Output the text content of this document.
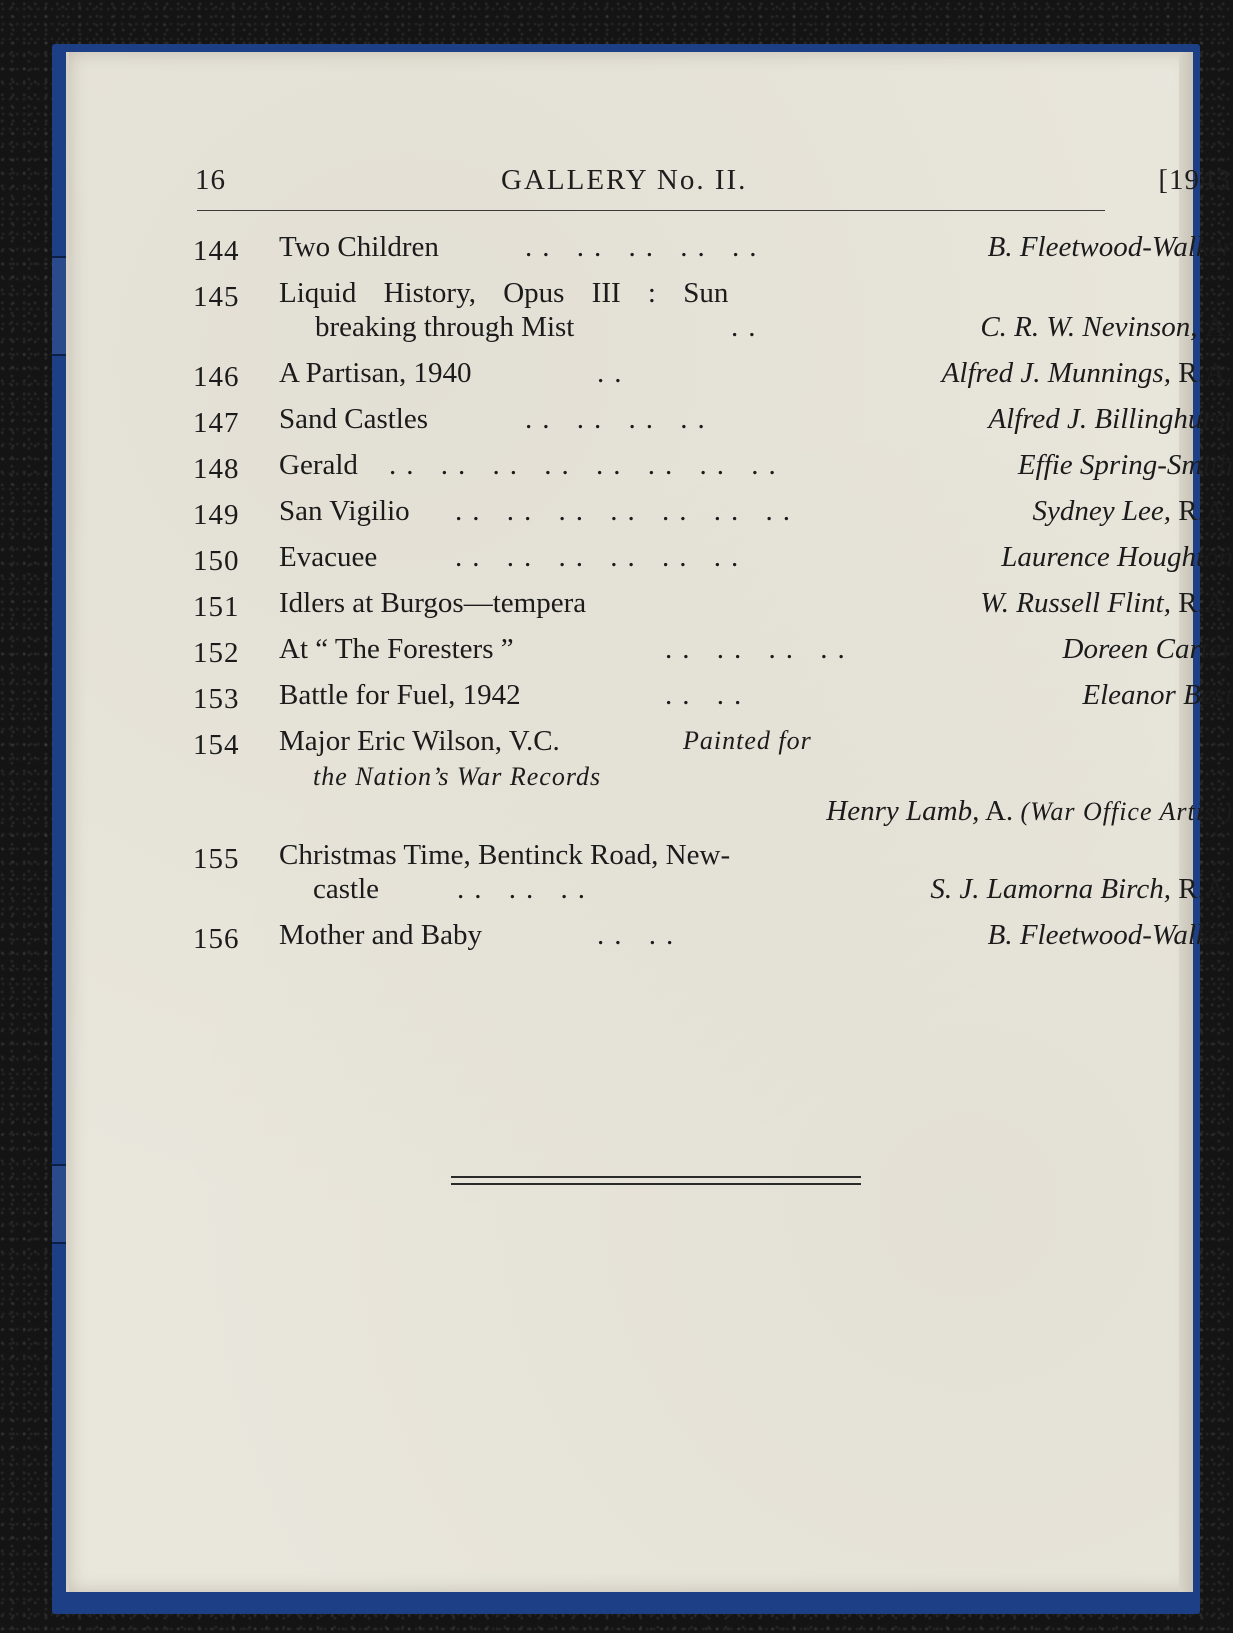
16	GALLERY No. II.	[1943
144	Two Children	.. .. .. .. ..	B. Fleetwood-Walker
145	Liquid History, Opus III : Sun
breaking through Mist	..	C. R. W. Nevinson, A.
146	A Partisan, 1940	..	Alfred J. Munnings, R.A.
147	Sand Castles	.. .. .. ..	Alfred J. Billinghurst
148	Gerald .. .. .. .. .. .. .. ..	Effie Spring-Smith
149	San Vigilio .. .. .. .. .. .. ..	Sydney Lee, R.A.
150	Evacuee	.. .. .. .. .. ..	Laurence Houghton
151	Idlers at Burgos—tempera	W. Russell Flint, R.A.
152	At “ The Foresters ”	.. .. .. ..	Doreen Carter
153	Battle for Fuel, 1942	.. ..	Eleanor Best
154	Major Eric Wilson, V.C.	Painted for
the Nation’s War Records
Henry Lamb, A. (War Office Artist)
155	Christmas Time, Bentinck Road, New-
castle	.. .. ..	S. J. Lamorna Birch, R.A.
156	Mother and Baby	.. ..	B. Fleetwood-Walker
